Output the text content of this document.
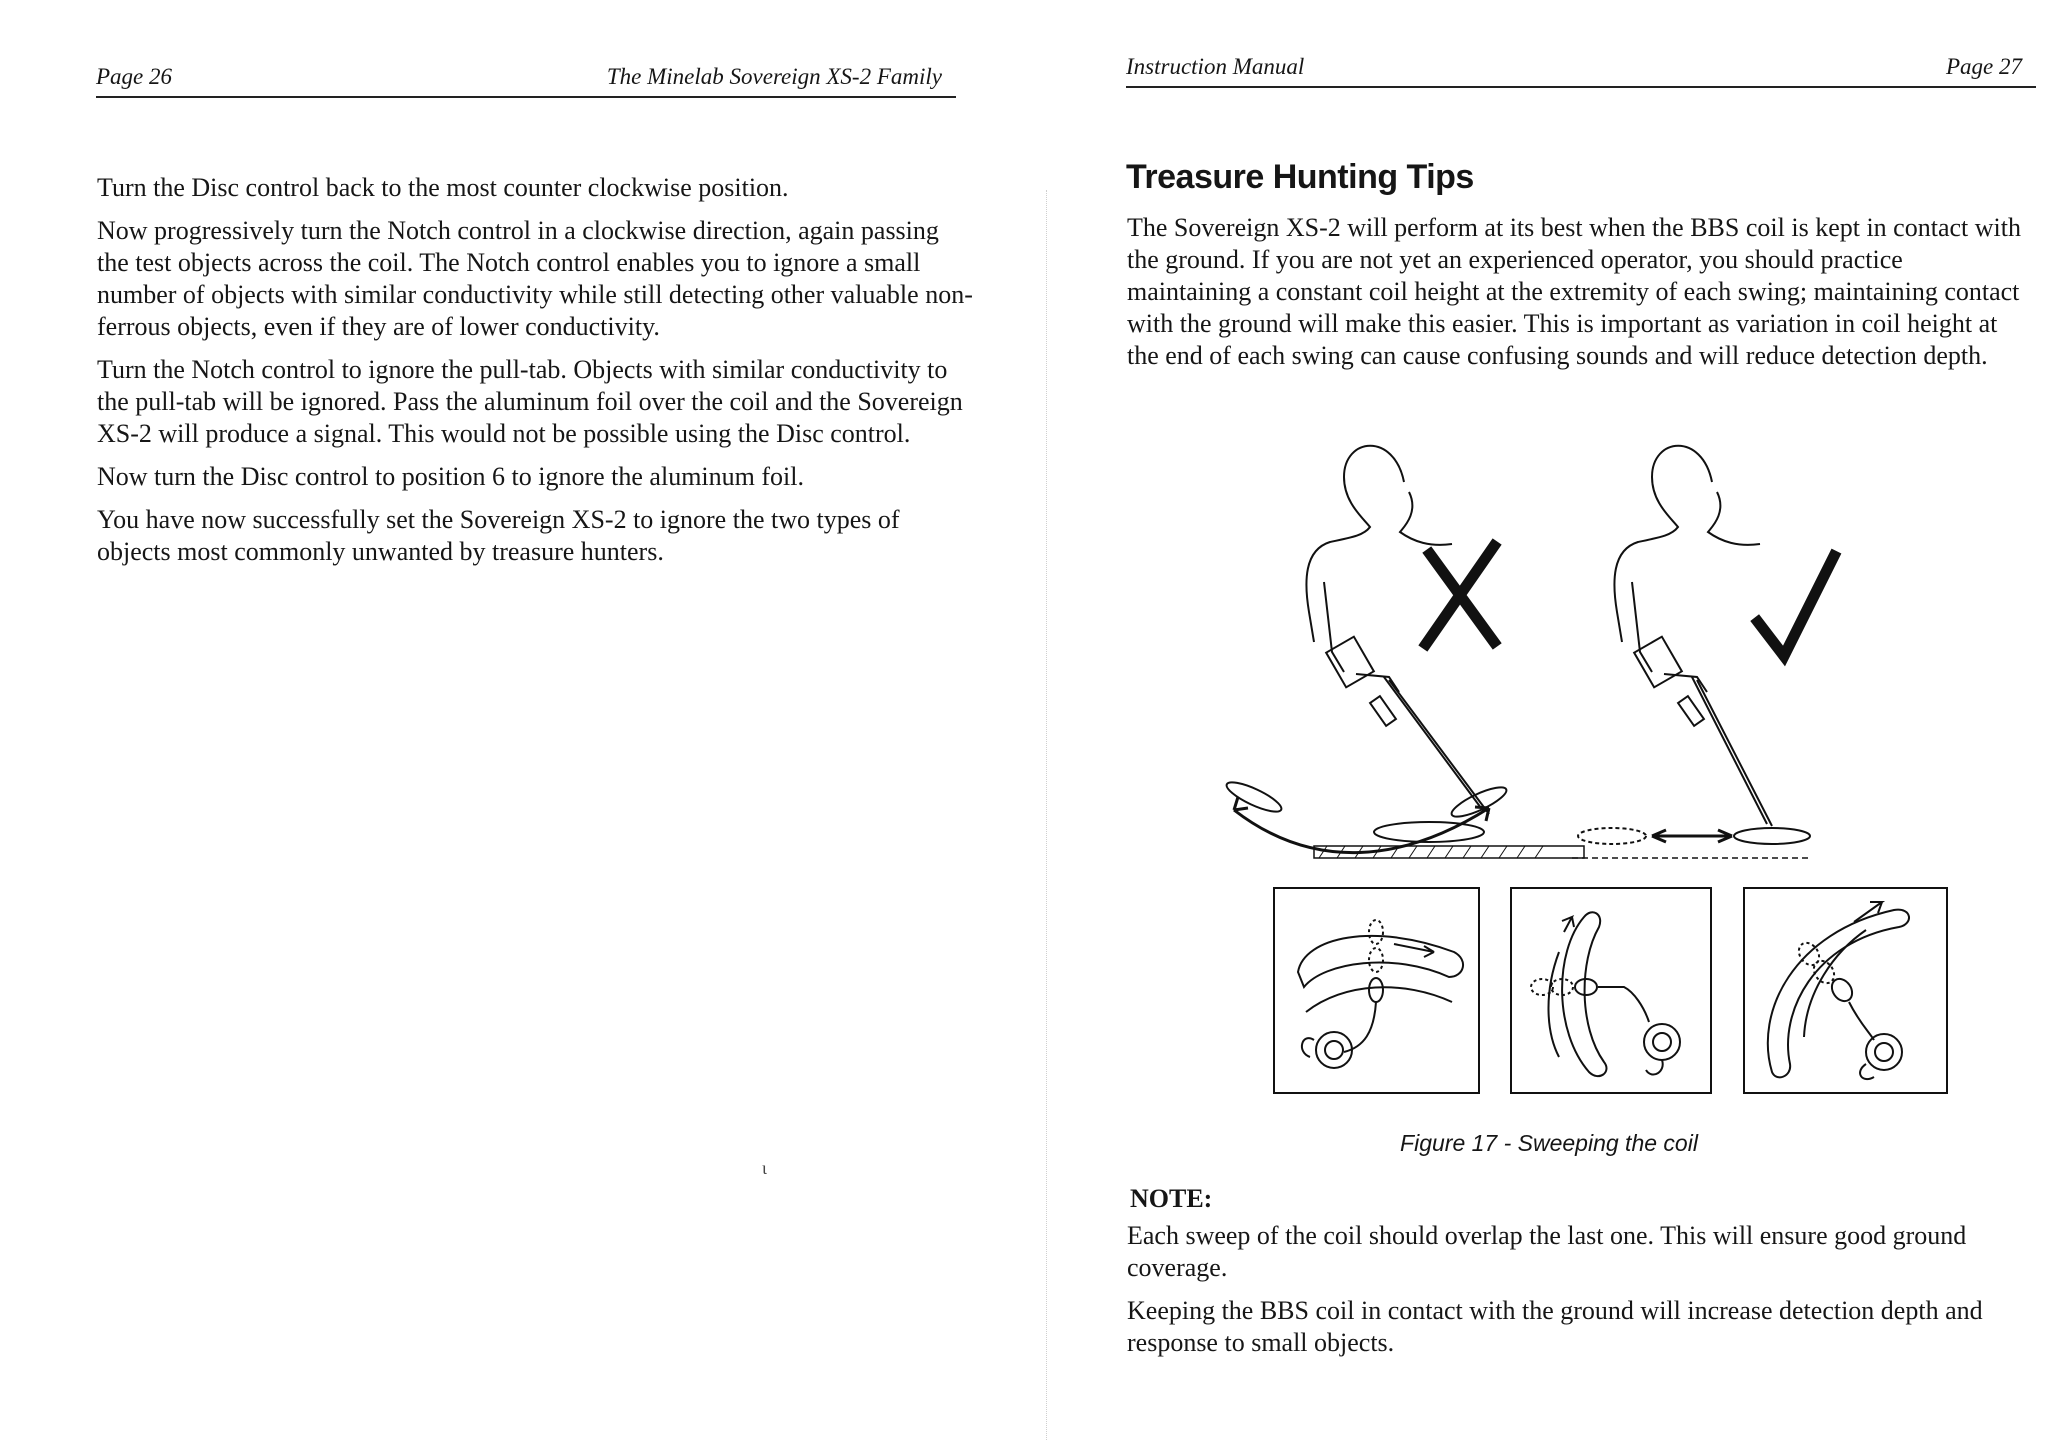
Page 26	The Minelab Sovereign XS-2 Family

Turn the Disc control back to the most counter clockwise position.

Now progressively turn the Notch control in a clockwise direction, again passing the test objects across the coil. The Notch control enables you to ignore a small number of objects with similar conductivity while still detecting other valuable non-ferrous objects, even if they are of lower conductivity.

Turn the Notch control to ignore the pull-tab. Objects with similar conductivity to the pull-tab will be ignored. Pass the aluminum foil over the coil and the Sovereign XS-2 will produce a signal. This would not be possible using the Disc control.

Now turn the Disc control to position 6 to ignore the aluminum foil.

You have now successfully set the Sovereign XS-2 to ignore the two types of objects most commonly unwanted by treasure hunters.

ι
Instruction Manual	Page 27
Treasure Hunting Tips

The Sovereign XS-2 will perform at its best when the BBS coil is kept in contact with the ground. If you are not yet an experienced operator, you should practice maintaining a constant coil height at the extremity of each swing; maintaining contact with the ground will make this easier. This is important as variation in coil height at the end of each swing can cause confusing sounds and will reduce detection depth.

Figure 17 - Sweeping the coil
NOTE:

Each sweep of the coil should overlap the last one. This will ensure good ground coverage.

Keeping the BBS coil in contact with the ground will increase detection depth and response to small objects.
